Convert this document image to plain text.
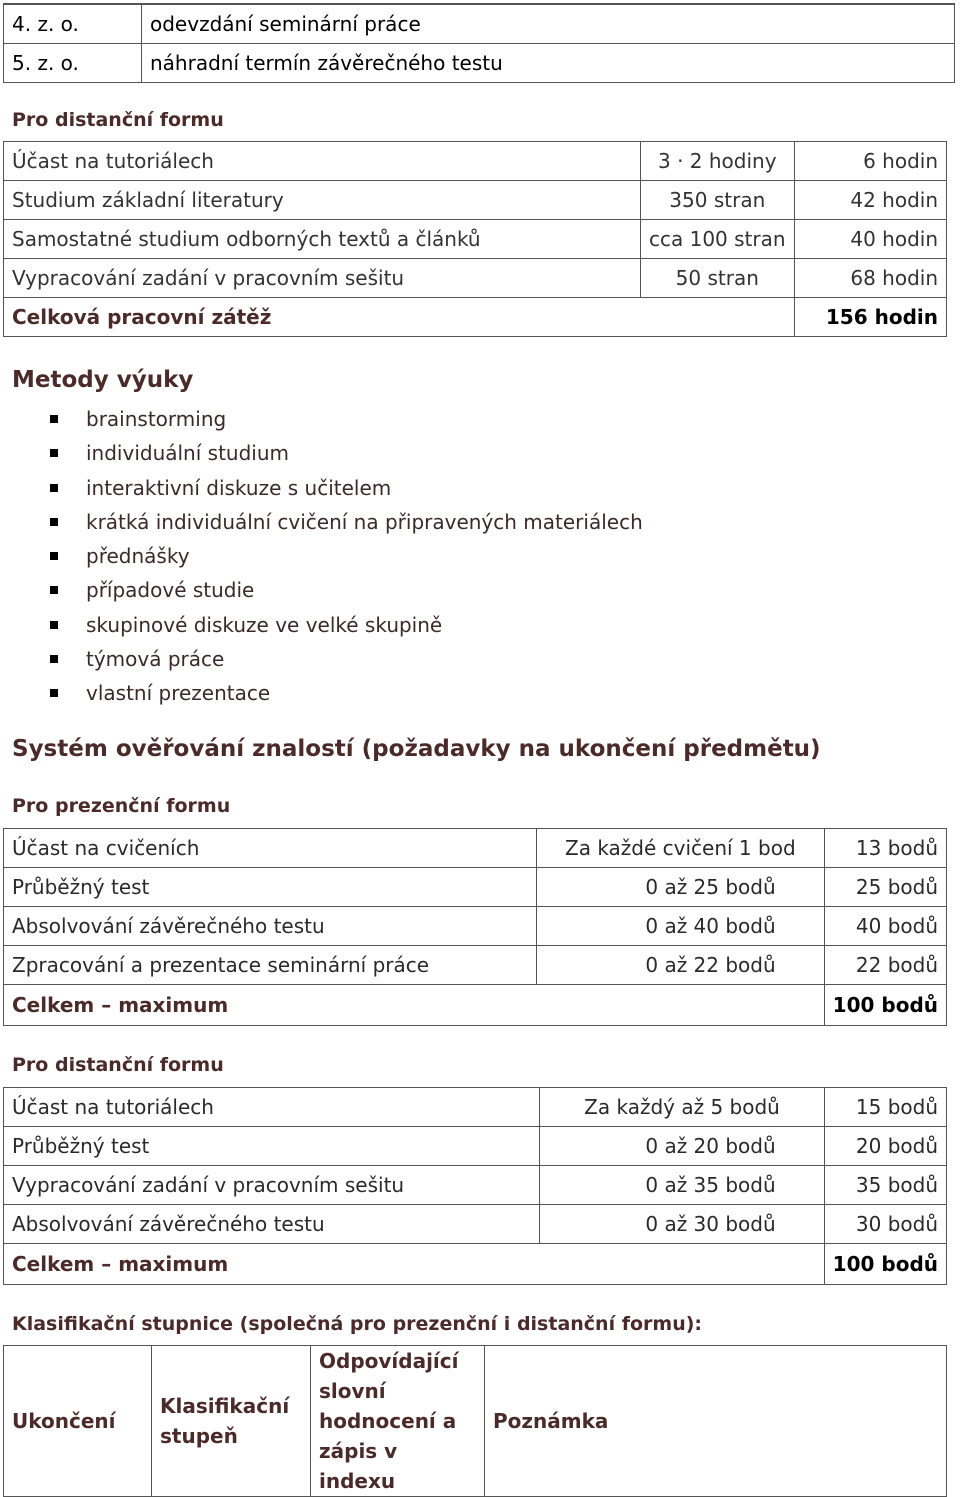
4. z. o.	odevzdání seminární práce
5. z. o.	náhradní termín závěrečného testu
Pro distanční formu
Účast na tutoriálech	3 · 2 hodiny	6 hodin
Studium základní literatury	350 stran	42 hodin
Samostatné studium odborných textů a článků	cca 100 stran	40 hodin
Vypracování zadání v pracovním sešitu	50 stran	68 hodin
Celková pracovní zátěž		156 hodin
Metody výuky
brainstorming
individuální studium
interaktivní diskuze s učitelem
krátká individuální cvičení na připravených materiálech
přednášky
případové studie
skupinové diskuze ve velké skupině
týmová práce
vlastní prezentace
Systém ověřování znalostí (požadavky na ukončení předmětu)
Pro prezenční formu
Účast na cvičeních	Za každé cvičení 1 bod	13 bodů
Průběžný test	0 až 25 bodů	25 bodů
Absolvování závěrečného testu	0 až 40 bodů	40 bodů
Zpracování a prezentace seminární práce	0 až 22 bodů	22 bodů
Celkem – maximum		100 bodů
Pro distanční formu
Účast na tutoriálech	Za každý až 5 bodů	15 bodů
Průběžný test	0 až 20 bodů	20 bodů
Vypracování zadání v pracovním sešitu	0 až 35 bodů	35 bodů
Absolvování závěrečného testu	0 až 30 bodů	30 bodů
Celkem – maximum		100 bodů
Klasifikační stupnice (společná pro prezenční i distanční formu):
Ukončení	Klasifikační stupeň	Odpovídající slovní hodnocení a zápis v indexu	Poznámka
